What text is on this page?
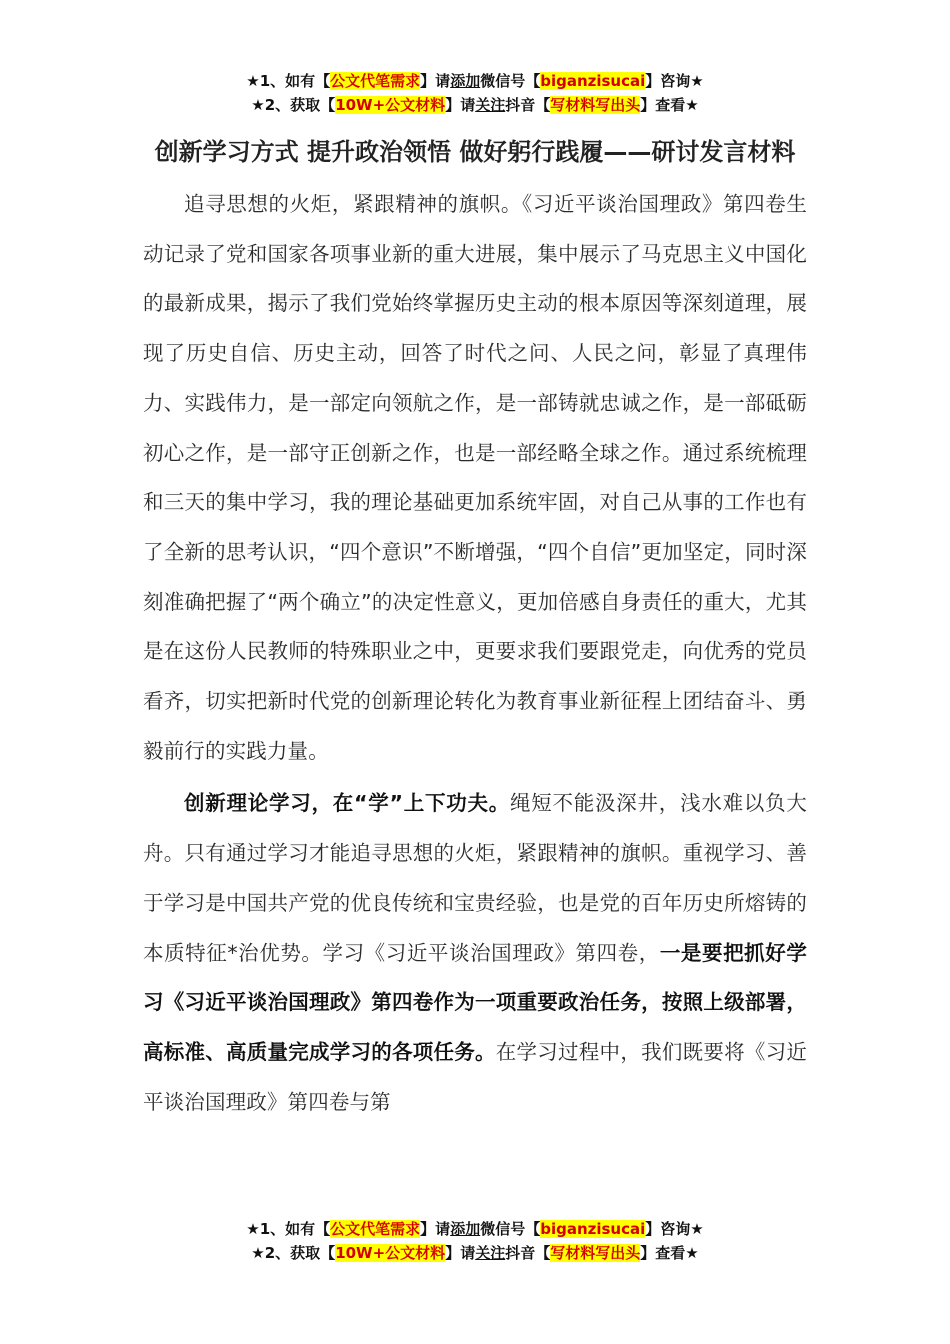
★1、如有【公文代笔需求】请添加微信号【biganzisucai】咨询★
★2、获取【10W+公文材料】请关注抖音【写材料写出头】查看★
创新学习方式 提升政治领悟 做好躬行践履——研讨发言材料

追寻思想的火炬，紧跟精神的旗帜。《习近平谈治国理政》第四卷生动记录了党和国家各项事业新的重大进展，集中展示了马克思主义中国化的最新成果，揭示了我们党始终掌握历史主动的根本原因等深刻道理，展现了历史自信、历史主动，回答了时代之问、人民之问，彰显了真理伟力、实践伟力，是一部定向领航之作，是一部铸就忠诚之作，是一部砥砺初心之作，是一部守正创新之作，也是一部经略全球之作。通过系统梳理和三天的集中学习，我的理论基础更加系统牢固，对自己从事的工作也有了全新的思考认识，“四个意识”不断增强，“四个自信”更加坚定，同时深刻准确把握了“两个确立”的决定性意义，更加倍感自身责任的重大，尤其是在这份人民教师的特殊职业之中，更要求我们要跟党走，向优秀的党员看齐，切实把新时代党的创新理论转化为教育事业新征程上团结奋斗、勇毅前行的实践力量。

创新理论学习，在“学”上下功夫。绳短不能汲深井，浅水难以负大舟。只有通过学习才能追寻思想的火炬，紧跟精神的旗帜。重视学习、善于学习是中国共产党的优良传统和宝贵经验，也是党的百年历史所熔铸的本质特征*治优势。学习《习近平谈治国理政》第四卷，一是要把抓好学习《习近平谈治国理政》第四卷作为一项重要政治任务，按照上级部署，高标准、高质量完成学习的各项任务。在学习过程中，我们既要将《习近平谈治国理政》第四卷与第

★1、如有【公文代笔需求】请添加微信号【biganzisucai】咨询★
★2、获取【10W+公文材料】请关注抖音【写材料写出头】查看★
